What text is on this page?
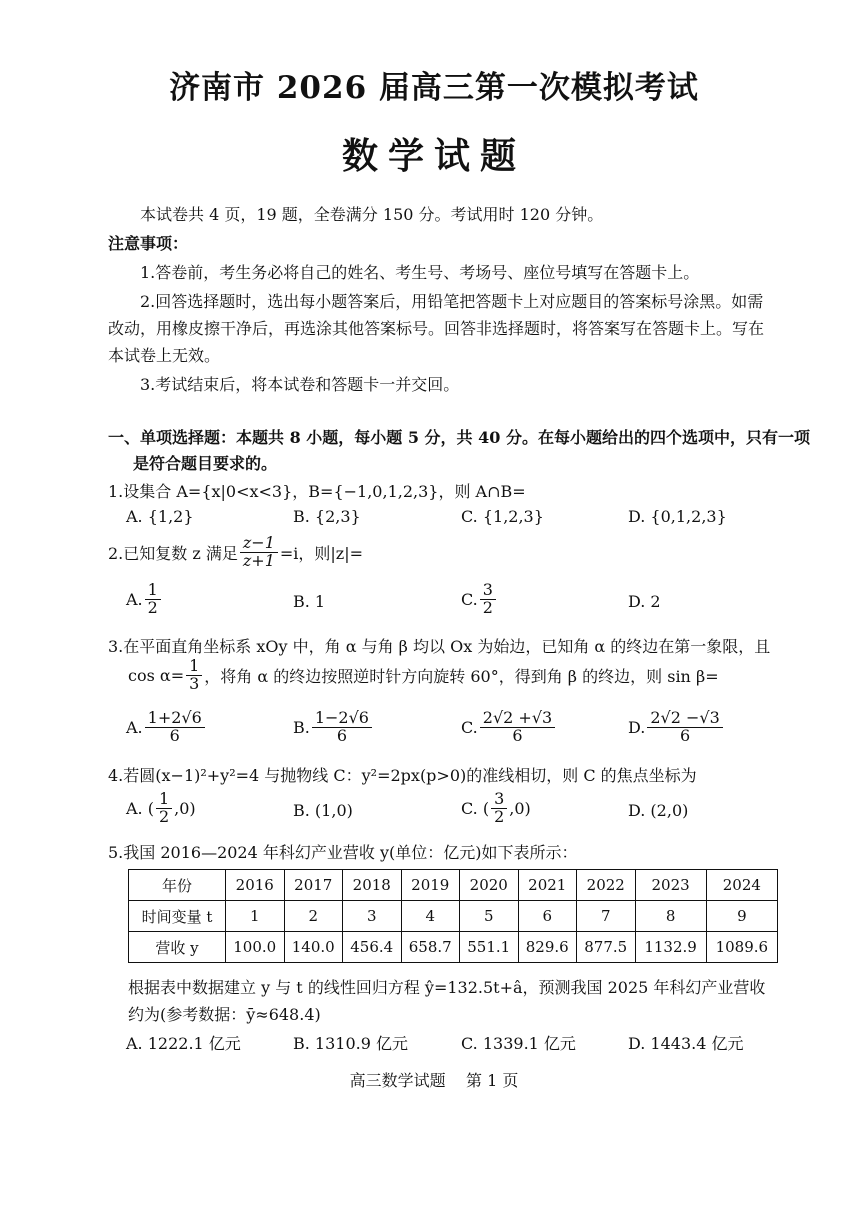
济南市 2026 届高三第一次模拟考试
数学试题
本试卷共 4 页，19 题，全卷满分 150 分。考试用时 120 分钟。
注意事项：
1.答卷前，考生务必将自己的姓名、考生号、考场号、座位号填写在答题卡上。
2.回答选择题时，选出每小题答案后，用铅笔把答题卡上对应题目的答案标号涂黑。如需
改动，用橡皮擦干净后，再选涂其他答案标号。回答非选择题时，将答案写在答题卡上。写在
本试卷上无效。
3.考试结束后，将本试卷和答题卡一并交回。
一、单项选择题：本题共 8 小题，每小题 5 分，共 40 分。在每小题给出的四个选项中，只有一项
是符合题目要求的。
1.设集合 A={x|0<x<3}，B={−1,0,1,2,3}，则 A∩B=
A. {1,2}	B. {2,3}	C. {1,2,3}	D. {0,1,2,3}
2.已知复数 z 满足 $\frac{z-1}{z+1} =i$，则|z|=
A. $\frac{1}{2}$	B. 1	C. $\frac{3}{2}$	D. 2
3.在平面直角坐标系 xOy 中，角 α 与角 β 均以 Ox 为始边，已知角 α 的终边在第一象限，且
$\cos \alpha= \frac{1}{3}$ ，将角 α 的终边按照逆时针方向旋转 60°，得到角 β 的终边，则 sin β=
A. $\frac{1+2√6}{6}$	B. $\frac{1-2√6}{6}$	C. $\frac{2√2 +√3}{6}$	D. $\frac{2√2 -√3}{6}$
4.若圆(x−1)²+y²=4 与抛物线 C：y²=2px(p>0)的准线相切，则 C 的焦点坐标为
A. ( $\frac{1}{2} ,0$)	B. (1,0)	C. ( $\frac{3}{2} ,0$)	D. (2,0)
5.我国 2016—2024 年科幻产业营收 y(单位：亿元)如下表所示：
年份	2016	2017	2018	2019	2020	2021	2022	2023	2024
时间变量 t	1	2	3	4	5	6	7	8	9
营收 y	100.0	140.0	456.4	658.7	551.1	829.6	877.5	1132.9	1089.6
根据表中数据建立 y 与 t 的线性回归方程 ŷ=132.5t+â，预测我国 2025 年科幻产业营收
约为(参考数据：ȳ≈648.4)
A. 1222.1 亿元	B. 1310.9 亿元	C. 1339.1 亿元	D. 1443.4 亿元
高三数学试题    第 1 页
